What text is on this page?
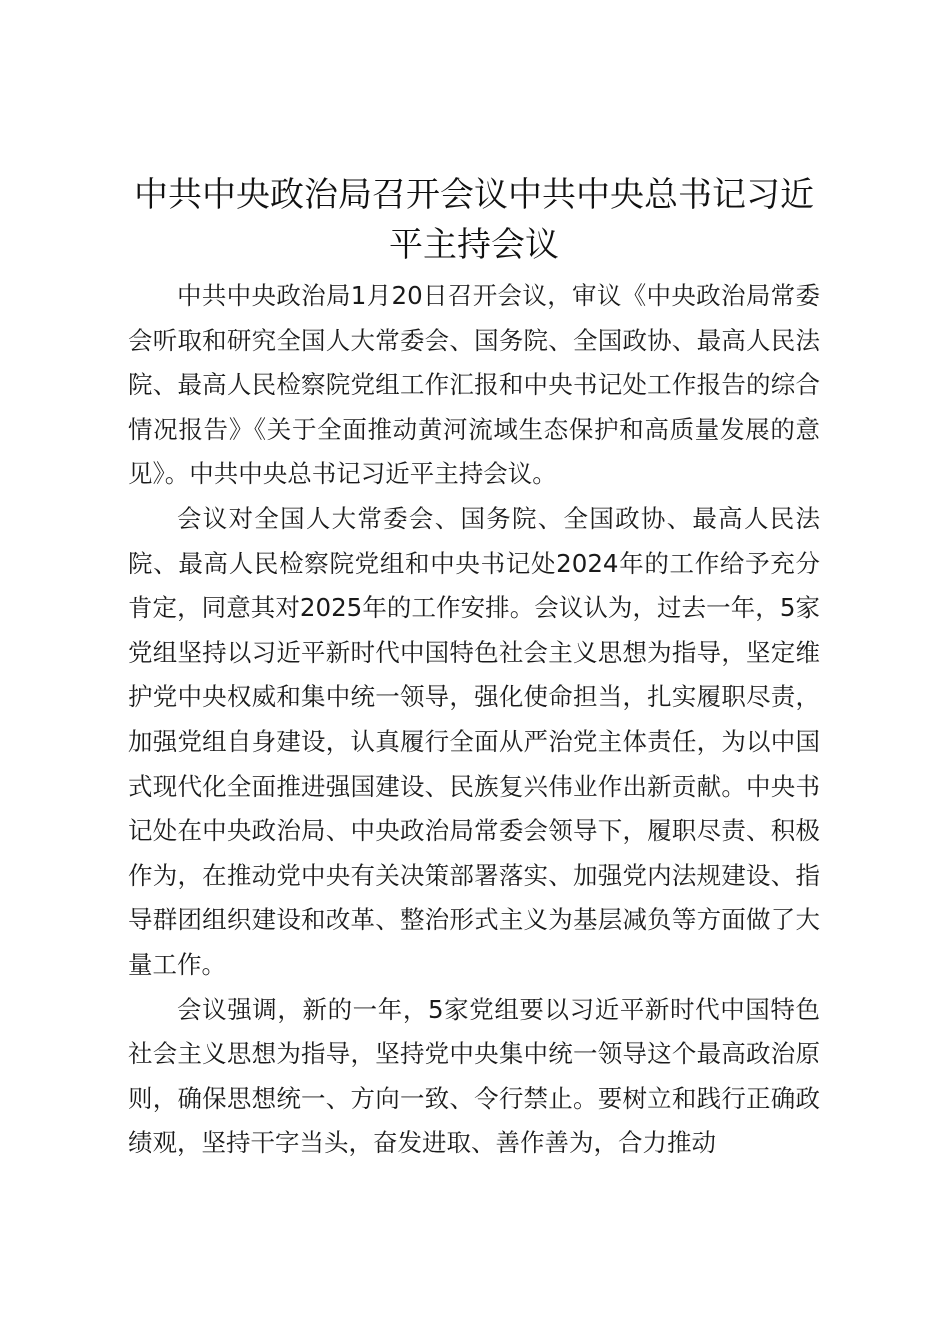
中共中央政治局召开会议中共中央总书记习近平主持会议

中共中央政治局1月20日召开会议，审议《中央政治局常委会听取和研究全国人大常委会、国务院、全国政协、最高人民法院、最高人民检察院党组工作汇报和中央书记处工作报告的综合情况报告》《关于全面推动黄河流域生态保护和高质量发展的意见》。中共中央总书记习近平主持会议。

会议对全国人大常委会、国务院、全国政协、最高人民法院、最高人民检察院党组和中央书记处2024年的工作给予充分肯定，同意其对2025年的工作安排。会议认为，过去一年，5家党组坚持以习近平新时代中国特色社会主义思想为指导，坚定维护党中央权威和集中统一领导，强化使命担当，扎实履职尽责，加强党组自身建设，认真履行全面从严治党主体责任，为以中国式现代化全面推进强国建设、民族复兴伟业作出新贡献。中央书记处在中央政治局、中央政治局常委会领导下，履职尽责、积极作为，在推动党中央有关决策部署落实、加强党内法规建设、指导群团组织建设和改革、整治形式主义为基层减负等方面做了大量工作。

会议强调，新的一年，5家党组要以习近平新时代中国特色社会主义思想为指导，坚持党中央集中统一领导这个最高政治原则，确保思想统一、方向一致、令行禁止。要树立和践行正确政绩观，坚持干字当头，奋发进取、善作善为，合力推动
